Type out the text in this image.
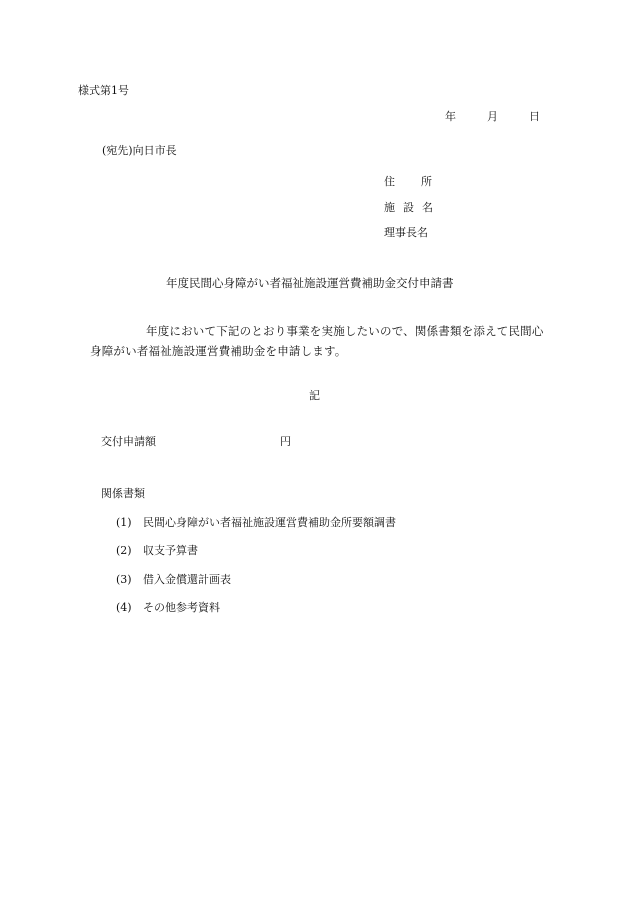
様式第1号
年	月	日
(宛先)向日市長
住 所
施 設 名
理事長名
年度民間心身障がい者福祉施設運営費補助金交付申請書
年度において下記のとおり事業を実施したいので、関係書類を添えて民間心
身障がい者福祉施設運営費補助金を申請します。
記
交付申請額	円
関係書類
(1) 民間心身障がい者福祉施設運営費補助金所要額調書
(2) 収支予算書
(3) 借入金償還計画表
(4) その他参考資料
